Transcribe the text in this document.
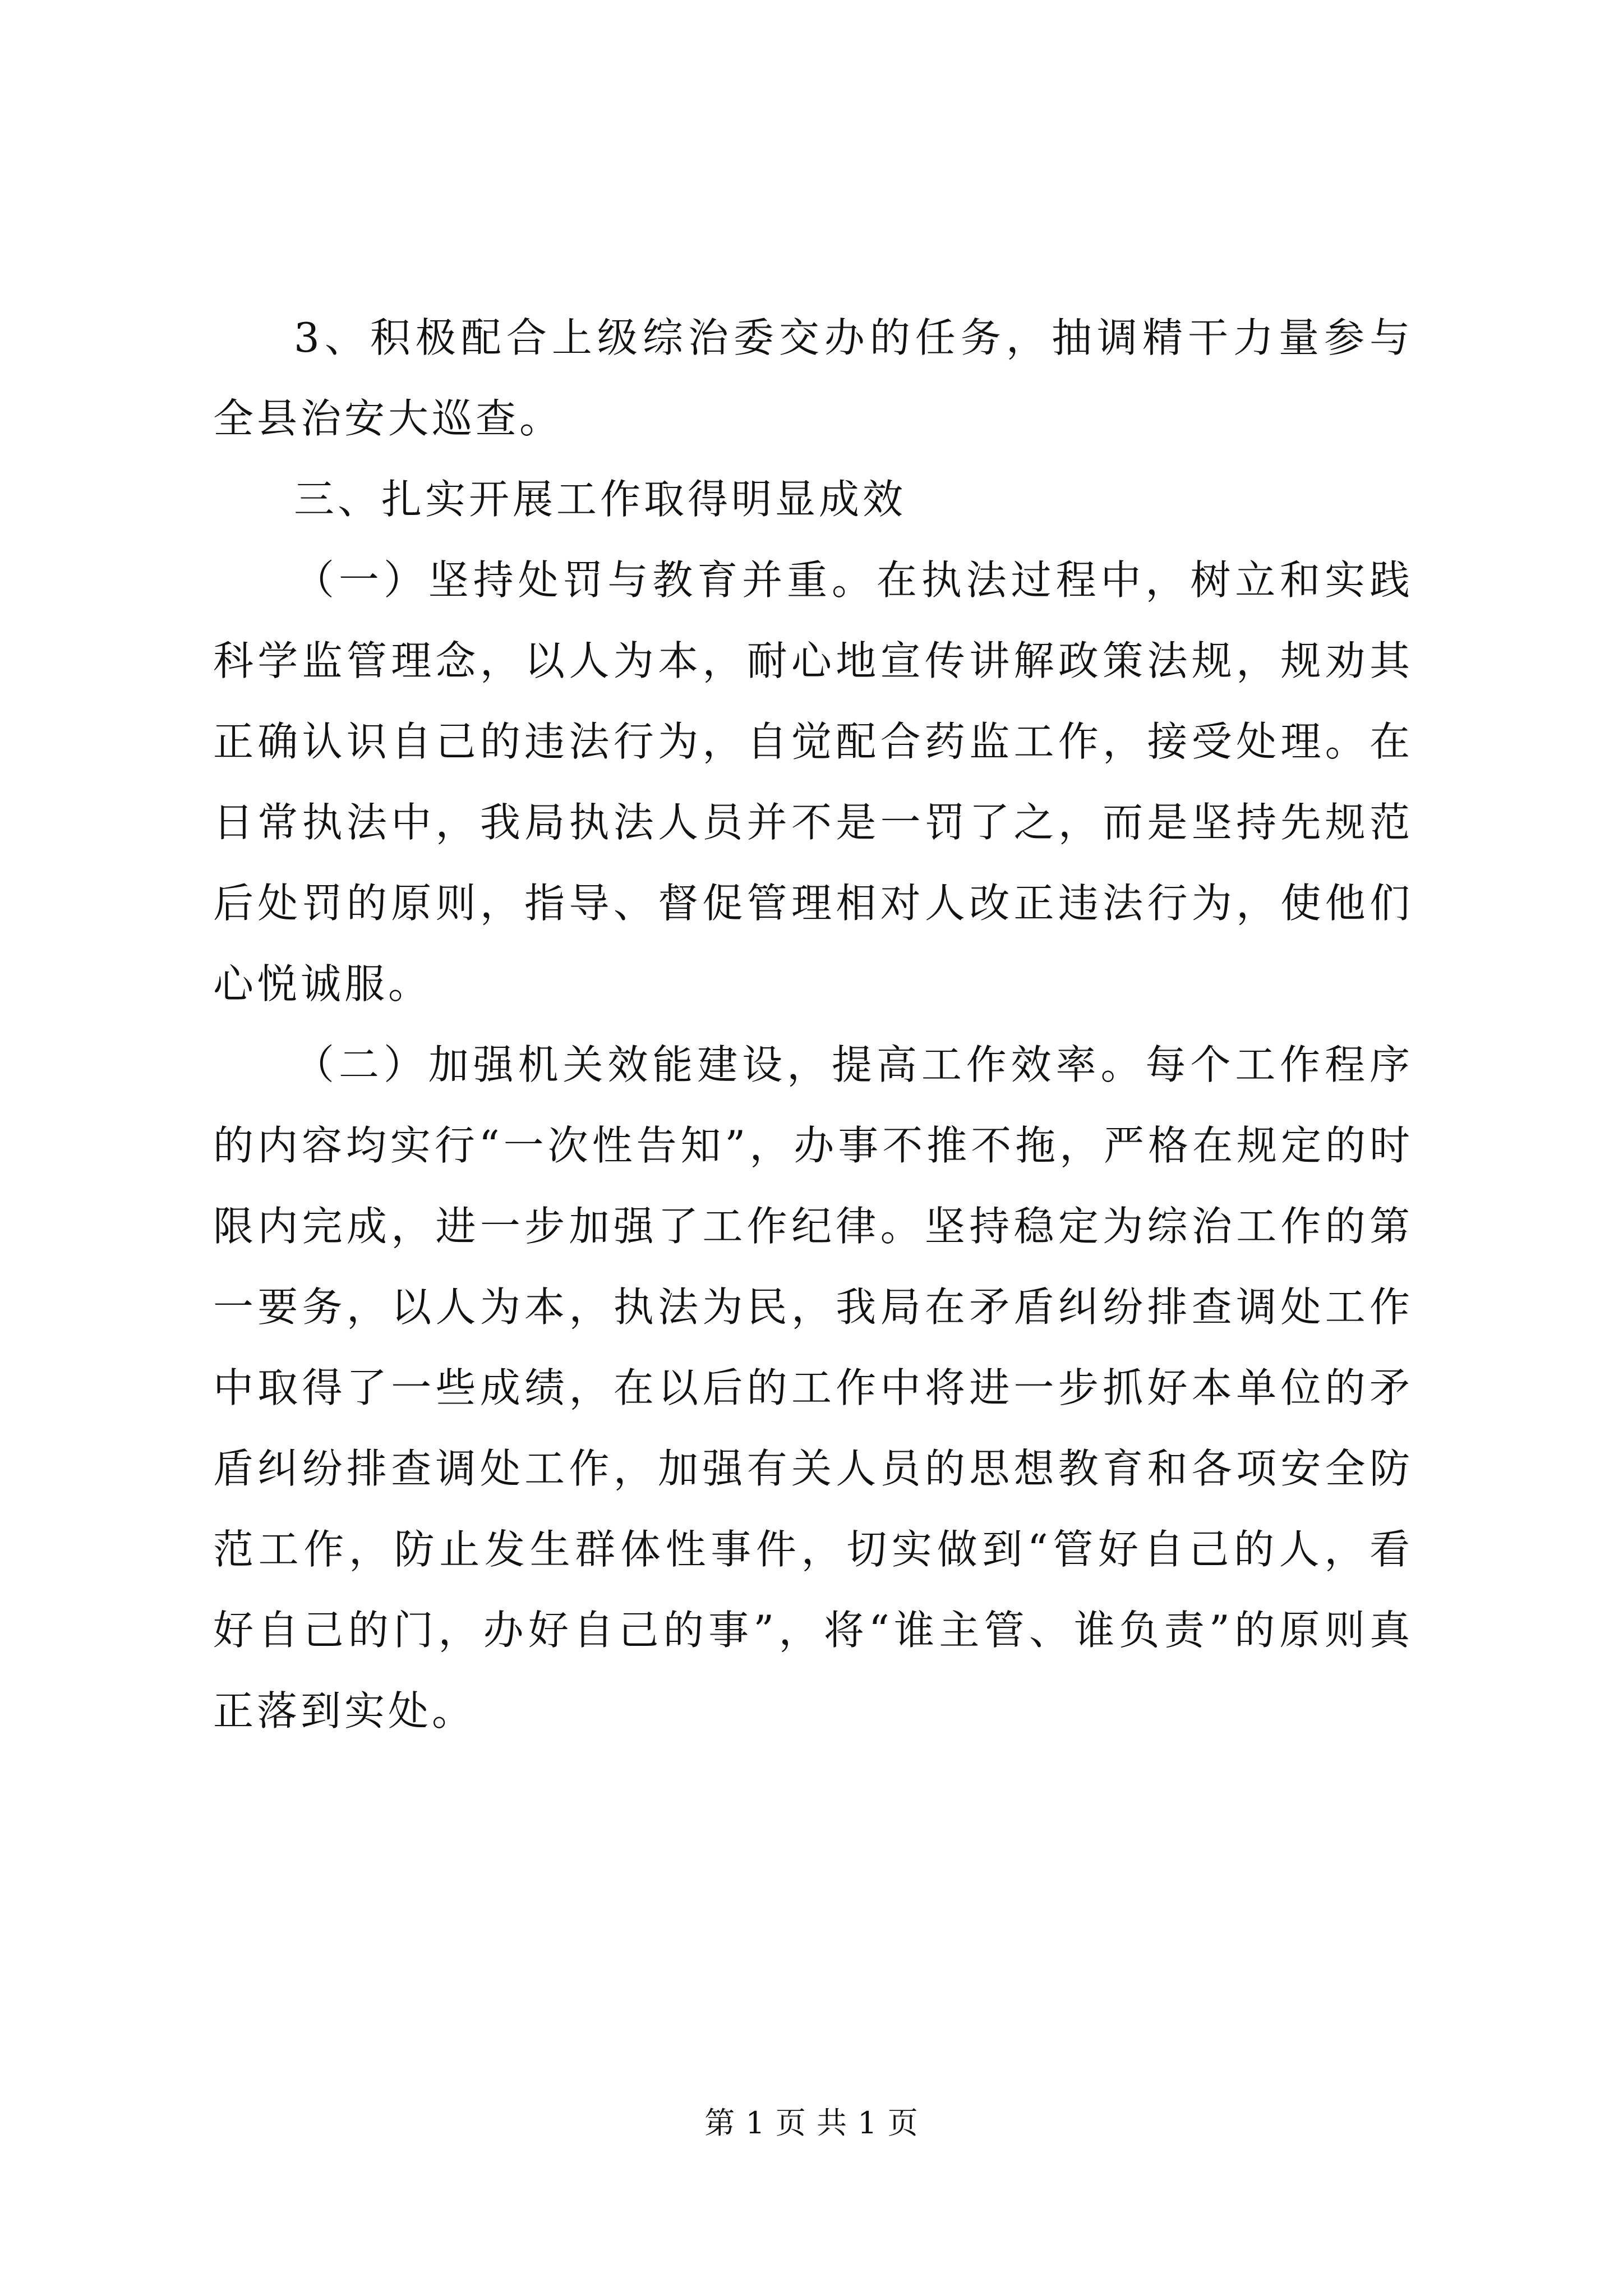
3、积极配合上级综治委交办的任务，抽调精干力量参与全县治安大巡查。

三、扎实开展工作取得明显成效

（一）坚持处罚与教育并重。在执法过程中，树立和实践科学监管理念，以人为本，耐心地宣传讲解政策法规，规劝其正确认识自己的违法行为，自觉配合药监工作，接受处理。在日常执法中，我局执法人员并不是一罚了之，而是坚持先规范后处罚的原则，指导、督促管理相对人改正违法行为，使他们心悦诚服。

（二）加强机关效能建设，提高工作效率。每个工作程序的内容均实行“一次性告知”，办事不推不拖，严格在规定的时限内完成，进一步加强了工作纪律。坚持稳定为综治工作的第一要务，以人为本，执法为民，我局在矛盾纠纷排查调处工作中取得了一些成绩，在以后的工作中将进一步抓好本单位的矛盾纠纷排查调处工作，加强有关人员的思想教育和各项安全防范工作，防止发生群体性事件，切实做到“管好自己的人，看好自己的门，办好自己的事”，将“谁主管、谁负责”的原则真正落到实处。

第 1 页 共 1 页
